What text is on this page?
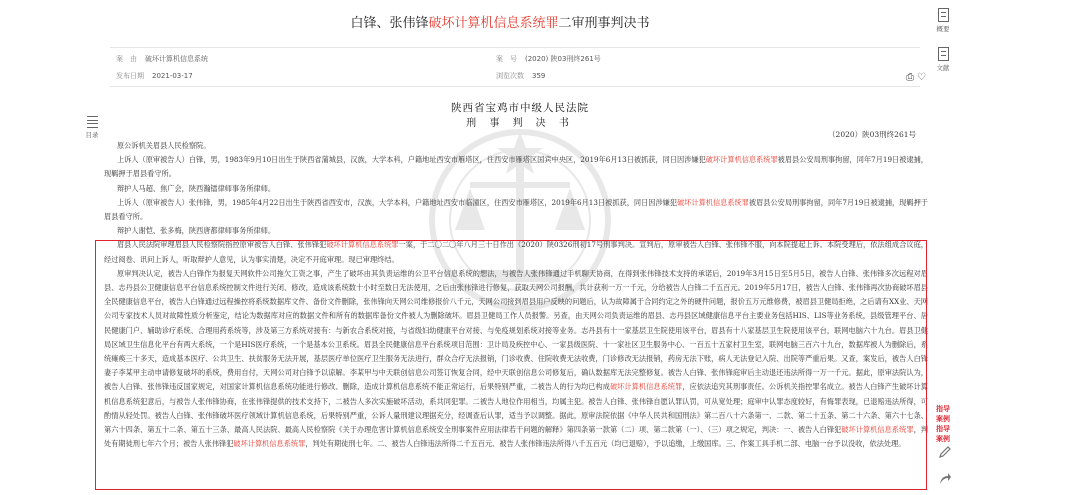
白锋、张伟锋破坏计算机信息系统罪二审刑事判决书
案　由 破坏计算机信息系统	案　号 (2020) 陕03刑终261号
发布日期 2021-03-17	浏览次数 359	⎙ ♡
陕西省宝鸡市中级人民法院
刑 事 判 决 书
（2020）陕03刑终261号
目录

原公诉机关眉县人民检察院。

上诉人（原审被告人）白锋，男，1983年9月10日出生于陕西省蒲城县，汉族，大学本科，户籍地址西安市雁塔区，住西安市雁塔区国宾中央区，2019年6月13日被抓获，同日因涉嫌犯破坏计算机信息系统罪被眉县公安局刑事拘留，同年7月19日被逮捕，现羁押于眉县看守所。

辩护人马超、焦广会，陕西瀚镭律师事务所律师。

上诉人（原审被告人）张伟锋，男，1985年4月22日出生于陕西省西安市，汉族，大学本科，户籍地址西安市临潼区，住西安市雁塔区，2019年6月13日被抓获，同日因涉嫌犯破坏计算机信息系统罪被眉县公安局刑事拘留，同年7月19日被逮捕，现羁押于眉县看守所。

辩护人谢恺、张多梅，陕西唐都律师事务所律师。

眉县人民法院审理眉县人民检察院指控原审被告人白锋、张伟锋犯破坏计算机信息系统罪一案，于二〇二〇年八月三十日作出（2020）陕0326刑初17号刑事判决。宣判后，原审被告人白锋、张伟锋不服，向本院提起上诉。本院受理后，依法组成合议庭，经过阅卷、讯问上诉人，听取辩护人意见，认为事实清楚，决定不开庭审理。现已审理终结。

原审判决认定，被告人白锋作为报复天网软件公司拖欠工资之事，产生了破坏由其负责运维的公卫平台信息系统的想法，与被告人张伟锋通过手机聊天协商，在得到张伟锋技术支持的承诺后，2019年3月15日至5月5日，被告人白锋、张伟锋多次远程对眉县、志丹县公卫健康信息平台信息系统控制文件进行关闭、修改，造成该系统数十小时至数日无法使用，之后由张伟锋进行修复，获取天网公司报酬，共计获利一万一千元，分给被告人白锋二千五百元。2019年5月17日，被告人白锋、张伟锋再次协商破坏眉县全民健康信息平台，被告人白锋通过远程操控将系统数据库文件、备份文件删除，张伟锋向天网公司维修报价八千元，天网公司接到眉县用户反映的问题后，认为故障属于合同约定之外的硬件问题，报价五万元维修费，被眉县卫健局拒绝，之后请有XX业、天网公司专家技术人员对故障性质分析鉴定，结论为数据库对应的数据文件和所有的数据库备份文件被人为删除破坏。眉县卫健局工作人员报警。另查，由天网公司负责运维的眉县、志丹县区域健康信息平台主要业务包括HIS、LIS等业务系统，县级管理平台、居民健康门户、辅助诊疗系统、合理用药系统等，涉及第三方系统对接有：与新农合系统对接，与省级妇幼健康平台对接、与免疫规划系统对接等业务。志丹县有十一家基层卫生院使用该平台，眉县有十八家基层卫生院使用该平台，联网电脑六十九台。眉县卫健局区域卫生信息化平台有两大系统，一个是HIS医疗系统，一个是基本公卫系统。眉县全民健康信息平台系统项目范围：卫计局及疾控中心、一家县级医院、十一家社区卫生服务中心、一百五十五家村卫生室，联网电脑三百六十九台，数据库被人为删除后，系统瘫痪三十多天，造成基本医疗、公共卫生、扶贫服务无法开展，基层医疗单位医疗卫生服务无法进行，群众合疗无法报销，门诊收费、住院收费无法收费，门诊修改无法报销，药房无法下账，病人无法登记入院、出院等严重后果。又查，案发后，被告人白锋妻子李某甲主动申请修复破坏的系统，费用自付，天网公司对白锋予以谅解。李某甲与中天联创信息公司签订恢复合同，经中天联创信息公司修复后，确认数据库无法完整修复。被告人白锋、张伟锋庭审后主动退还违法所得一万一千元。据此，原审法院认为，被告人白锋、张伟锋违反国家规定，对国家计算机信息系统功能进行修改、删除，造成计算机信息系统不能正常运行，后果特别严重，二被告人的行为均已构成破坏计算机信息系统罪，应依法追究其刑事责任。公诉机关指控罪名成立。被告人白锋产生破坏计算机信息系统犯意后，与被告人张伟锋协商，在张伟锋提供的技术支持下，二被告人多次实施破坏活动，系共同犯罪。二被告人地位作用相当，均属主犯。被告人白锋、张伟锋自愿认罪认罚，可从宽处理；庭审中认罪态度较好，有悔罪表现，已退赔违法所得，可酌情从轻处罚。被告人白锋、张伟锋破坏医疗领域计算机信息系统，后果特别严重，公诉人量刑建议理据充分，经调查后认罪，适当予以调整。据此，原审法院依据《中华人民共和国刑法》第二百八十六条第一、二款、第二十五条、第二十六条、第六十七条、第六十四条、第五十二条、第五十三条、最高人民法院、最高人民检察院《关于办理危害计算机信息系统安全刑事案件应用法律若干问题的解释》第四条第一款第（二）项、第二款第（一）、（三）项之规定，判决：一、被告人白锋犯破坏计算机信息系统罪，判处有期徒刑七年六个月；被告人张伟锋犯破坏计算机信息系统罪，判处有期徒刑七年。二、被告人白锋违法所得二千五百元、被告人张伟锋违法所得八千五百元（均已退赔），予以追缴，上缴国库。三、作案工具手机二部、电脑一台予以没收，依法处理。

概要
文献
指导
案例
指导
案例
